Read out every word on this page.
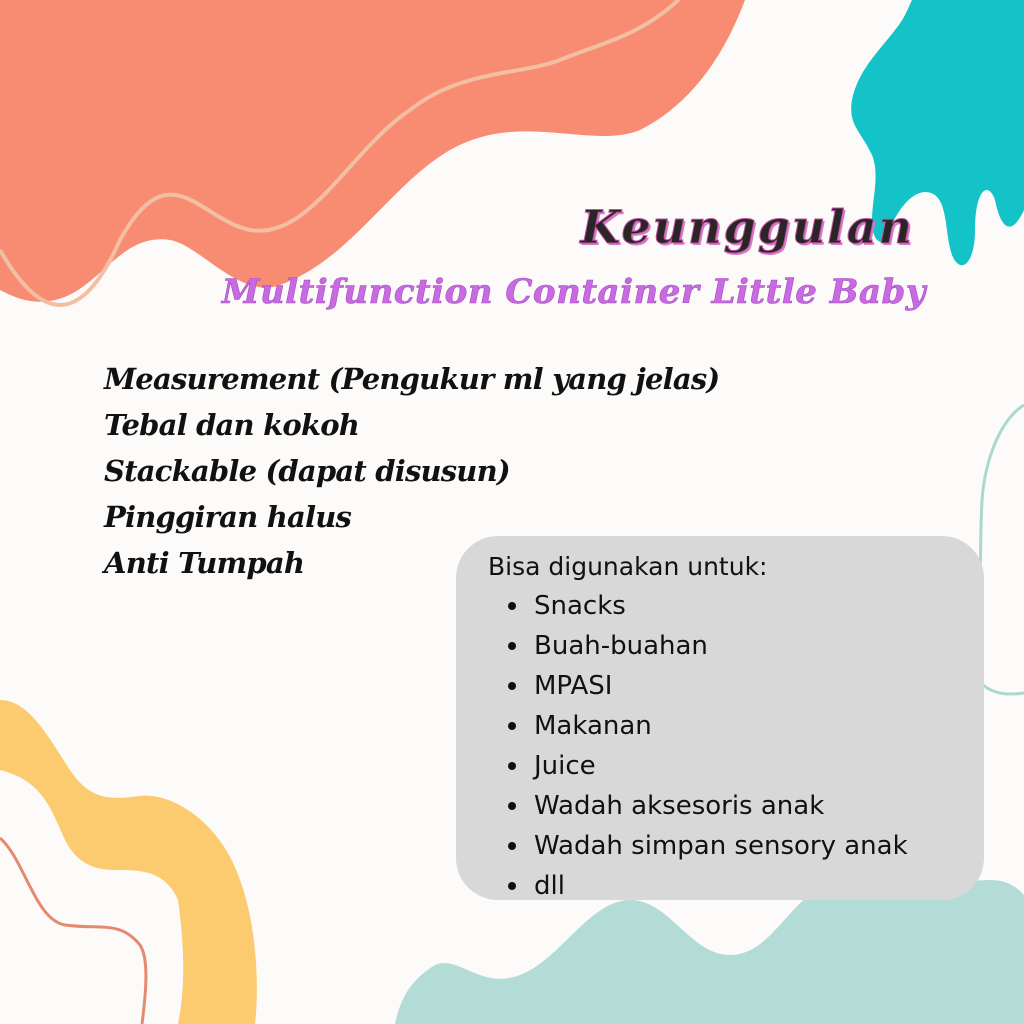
Keunggulan
Multifunction Container Little Baby
Measurement (Pengukur ml yang jelas)
Tebal dan kokoh
Stackable (dapat disusun)
Pinggiran halus
Anti Tumpah	Bisa digunakan untuk:

Snacks
Buah-buahan
MPASI
Makanan
Juice
Wadah aksesoris anak
Wadah simpan sensory anak
dll
